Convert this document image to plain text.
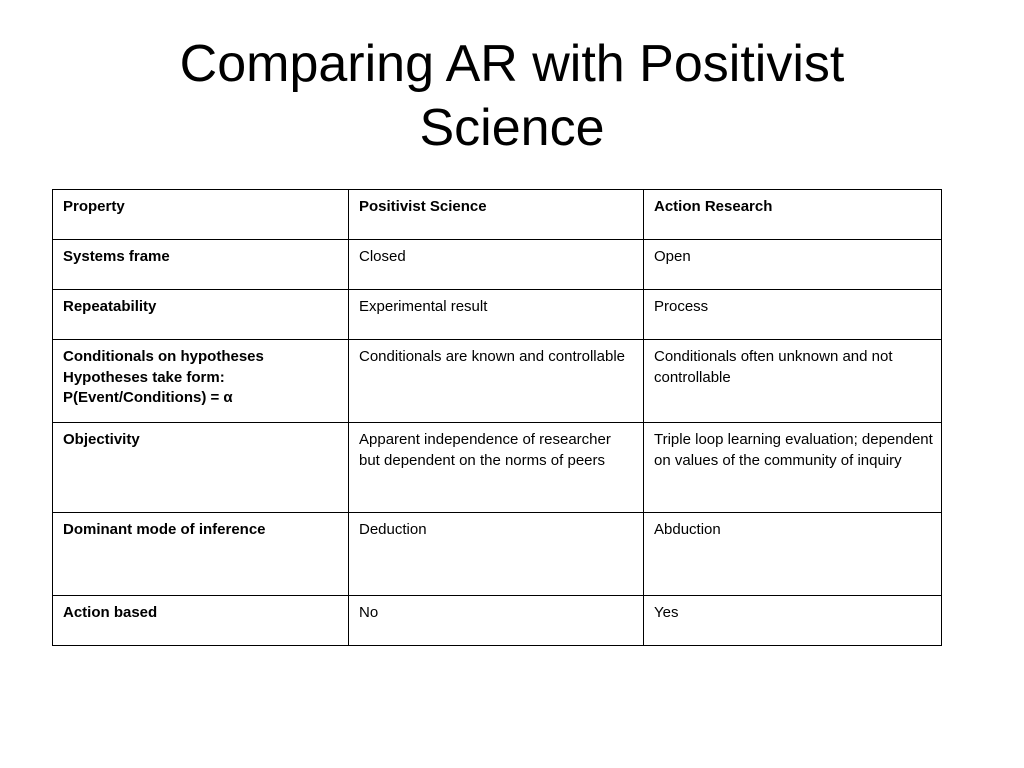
Comparing AR with Positivist
Science
Property	Positivist Science	Action Research
Systems frame	Closed	Open
Repeatability	Experimental result	Process

Conditionals on hypotheses
Hypotheses take form:
P(Event/Conditions) = α	Conditionals are known and controllable	Conditionals often unknown and not controllable
Objectivity	Apparent independence of researcher but dependent on the norms of peers	Triple loop learning evaluation; dependent on values of the community of inquiry
Dominant mode of inference	Deduction	Abduction
Action based	No	Yes
